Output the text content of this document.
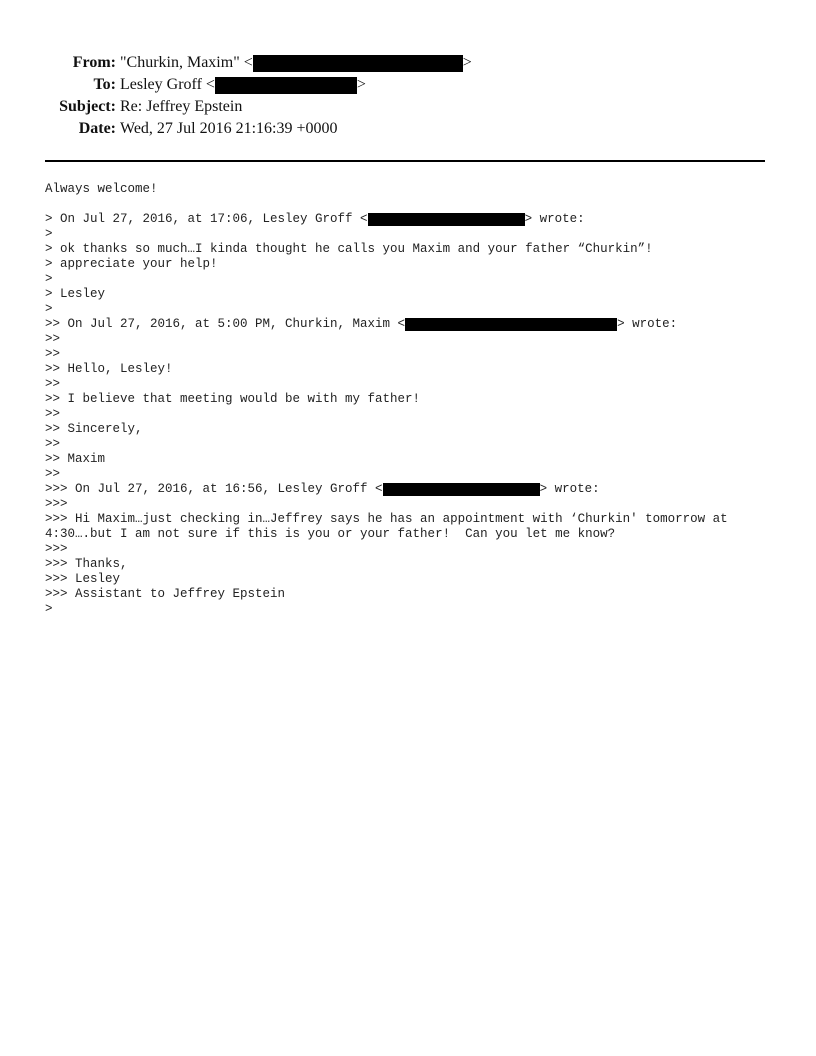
From: "Churkin, Maxim" <	>
To: Lesley Groff <	>
Subject: Re: Jeffrey Epstein
Date: Wed, 27 Jul 2016 21:16:39 +0000
Always welcome!
> On Jul 27, 2016, at 17:06, Lesley Groff <	> wrote:
>
> ok thanks so much…I kinda thought he calls you Maxim and your father “Churkin”!
> appreciate your help!
>
> Lesley
>
>> On Jul 27, 2016, at 5:00 PM, Churkin, Maxim <	> wrote:
>>
>>
>> Hello, Lesley!
>>
>> I believe that meeting would be with my father!
>>
>> Sincerely,
>>
>> Maxim
>>
>>> On Jul 27, 2016, at 16:56, Lesley Groff <	> wrote:
>>>
>>> Hi Maxim…just checking in…Jeffrey says he has an appointment with ‘Churkin' tomorrow at
4:30….but I am not sure if this is you or your father!  Can you let me know?
>>>
>>> Thanks,
>>> Lesley
>>> Assistant to Jeffrey Epstein
>
